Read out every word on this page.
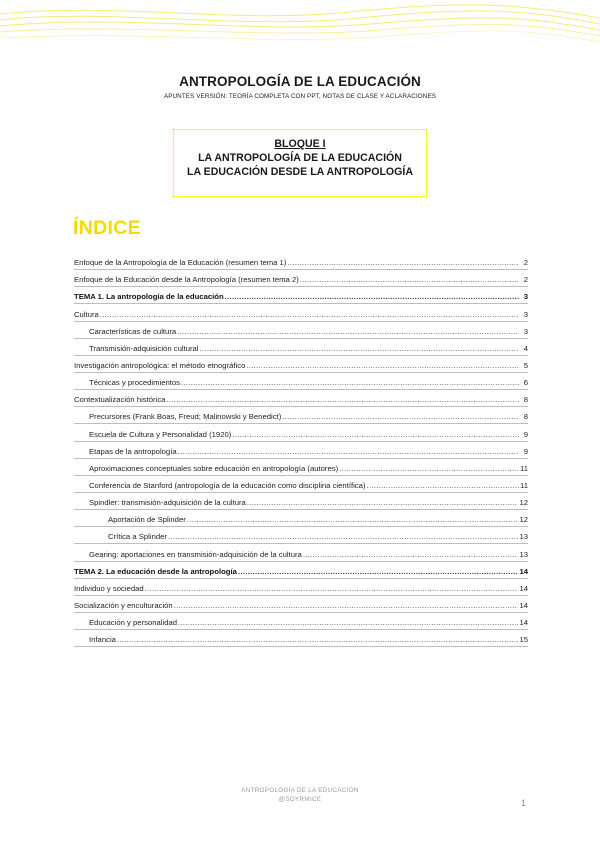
ANTROPOLOGÍA DE LA EDUCACIÓN
APUNTES VERSIÓN: TEORÍA COMPLETA CON PPT, NOTAS DE CLASE Y ACLARACIONES
BLOQUE I
LA ANTROPOLOGÍA DE LA EDUCACIÓN
LA EDUCACIÓN DESDE LA ANTROPOLOGÍA
ÍNDICE
Enfoque de la Antropología de la Educación (resumen tema 1) .....	2
Enfoque de la Educación desde la Antropología (resumen tema 2) .....	2
TEMA 1. La antropología de la educación .....	3
Cultura .....	3
Características de cultura .....	3
Transmisión-adquisición cultural .....	4
Investigación antropológica: el método etnográfico .....	5
Técnicas y procedimientos .....	6
Contextualización histórica .....	8
Precursores (Frank Boas, Freud; Malinowski y Benedict) .....	8
Escuela de Cultura y Personalidad (1920) .....	9
Etapas de la antropología .....	9
Aproximaciones conceptuales sobre educación en antropología (autores) .....	11
Conferencia de Stanford (antropología de la educación como disciplina científica) .....	11
Spindler: transmisión-adquisición de la cultura .....	12
Aportación de Splinder .....	12
Crítica a Splinder .....	13
Gearing: aportaciones en transmisión-adquisición de la cultura .....	13
TEMA 2. La educación desde la antropología .....	14
Individuo y sociedad .....	14
Socialización y enculturación .....	14
Educación y personalidad .....	14
Infancia .....	15
ANTROPOLOGÍA DE LA EDUCACIÓN
@SOYRMICE	1
